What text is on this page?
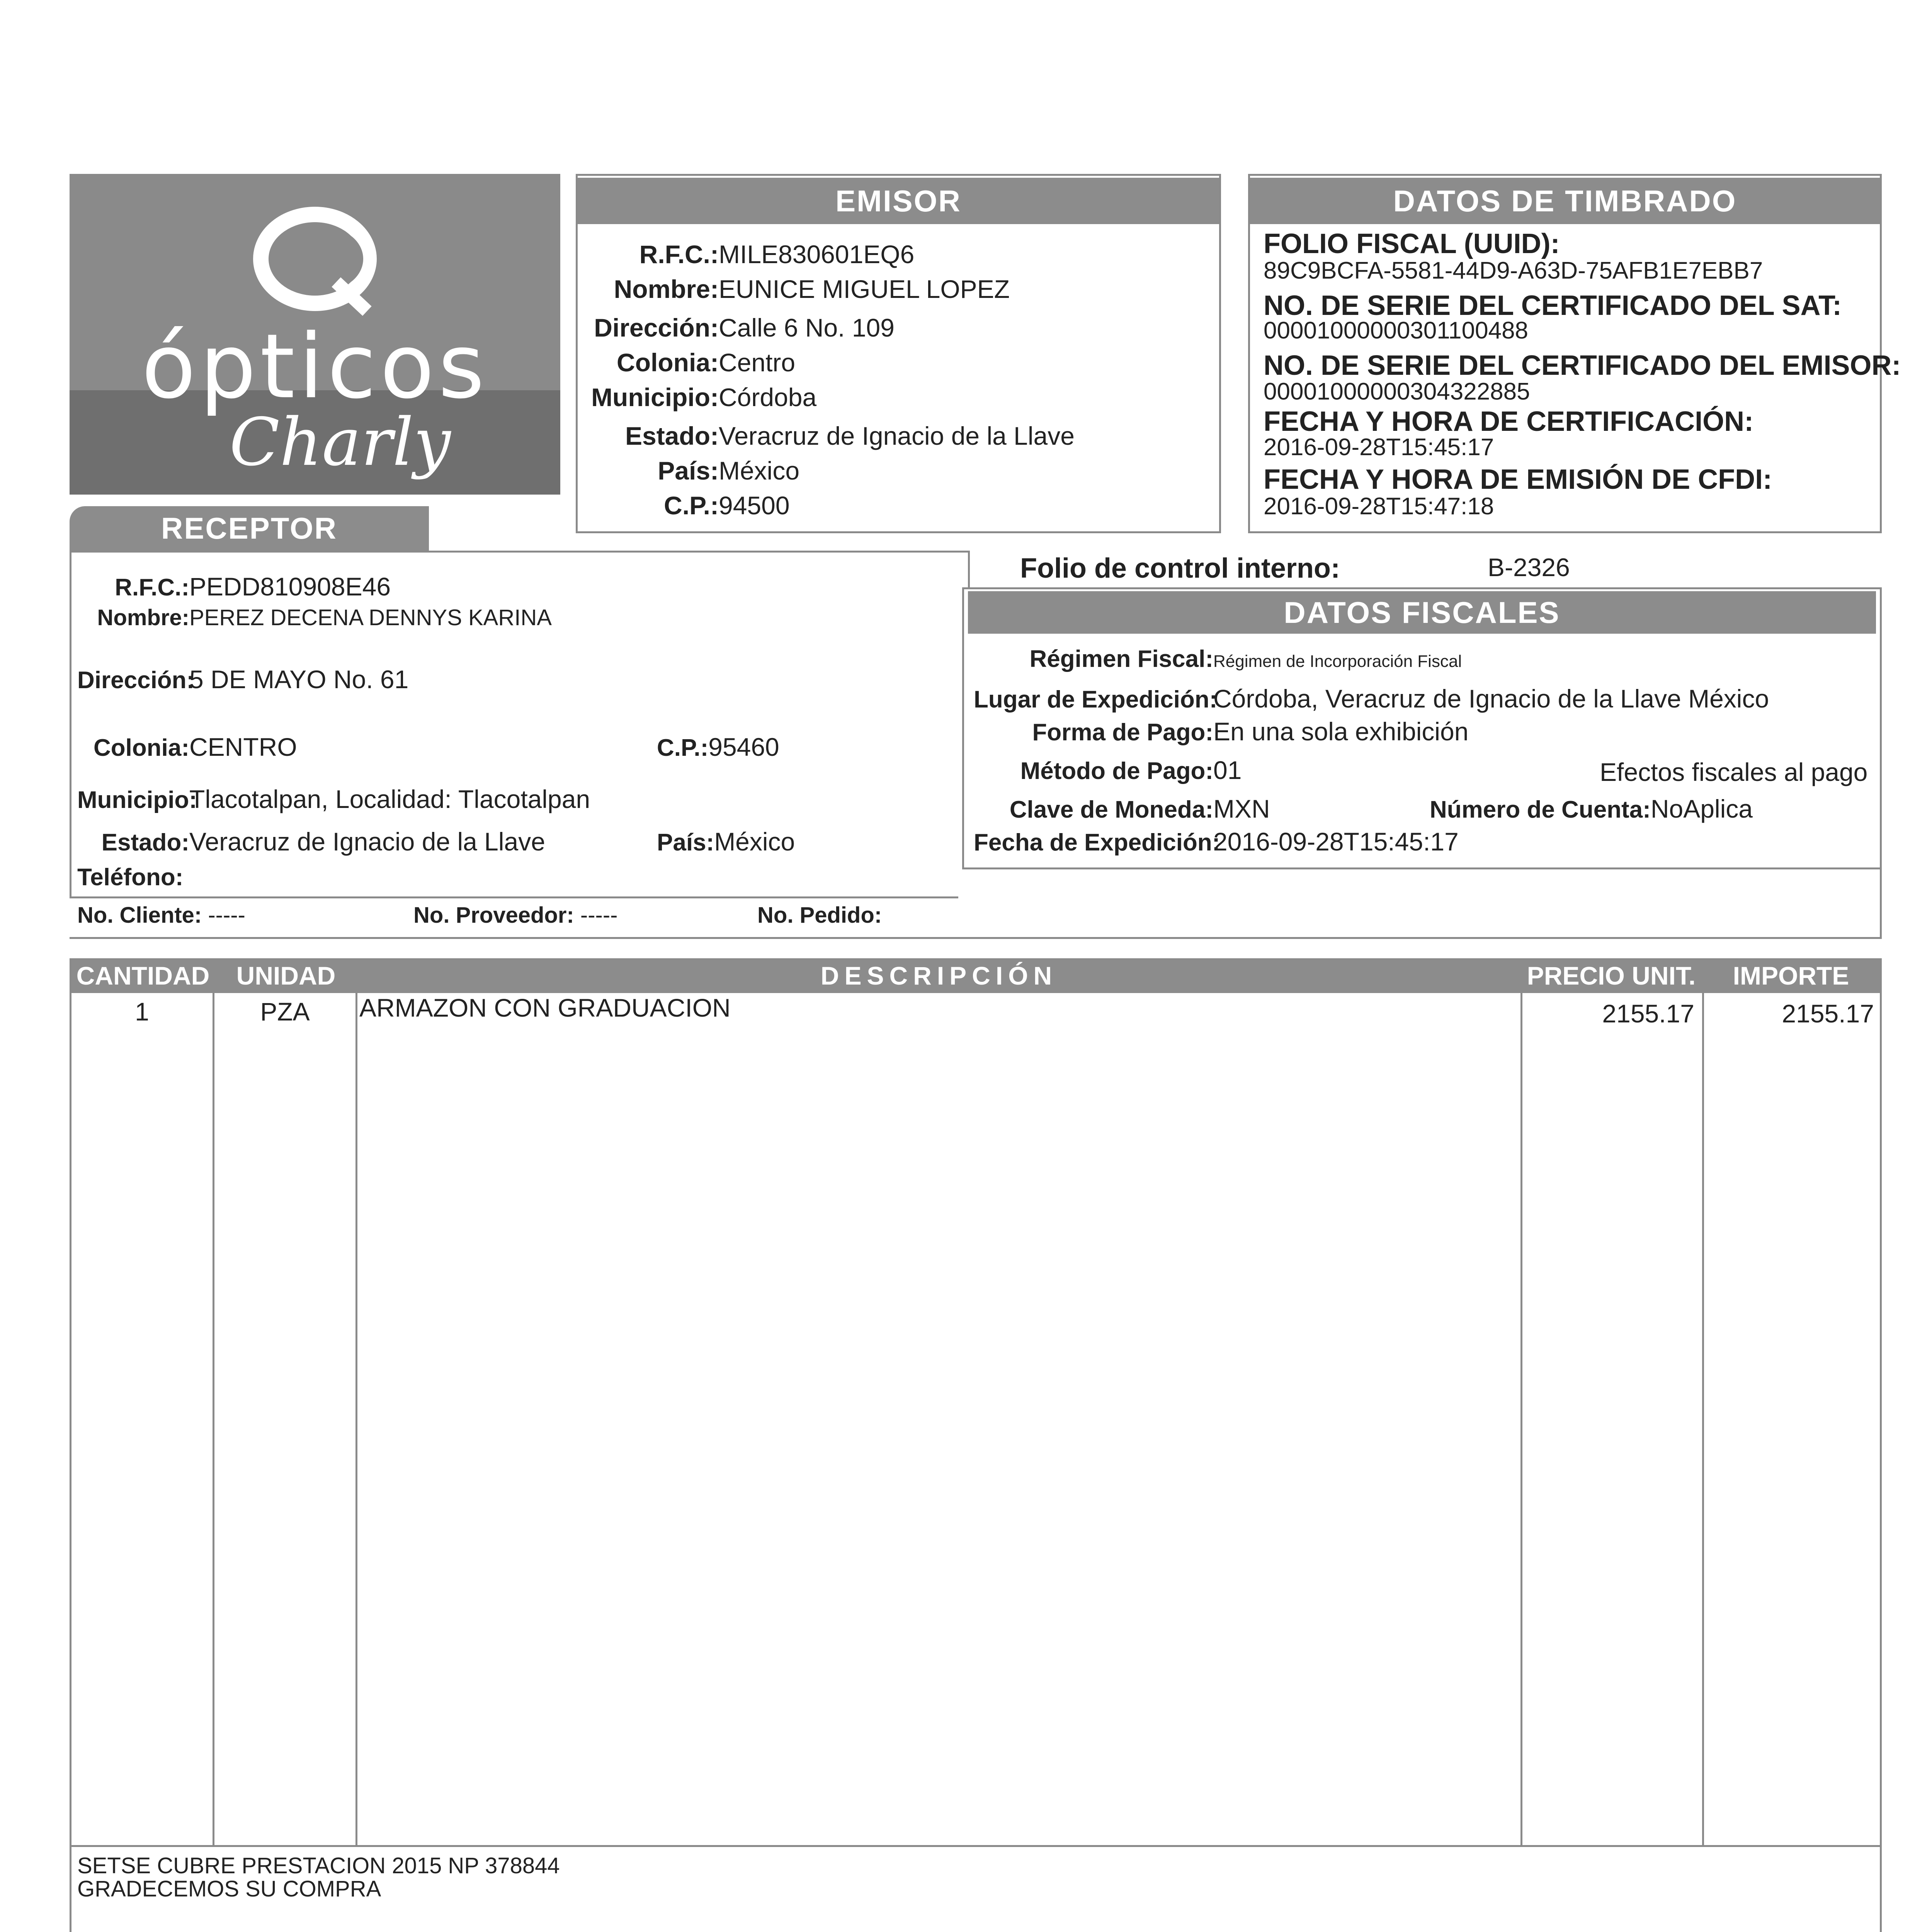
ópticos
Charly
EMISOR
R.F.C.:MILE830601EQ6
Nombre:EUNICE MIGUEL LOPEZ
Dirección:Calle 6 No. 109
Colonia:Centro
Municipio:Córdoba
Estado:Veracruz de Ignacio de la Llave
País:México
C.P.:94500
DATOS DE TIMBRADO
FOLIO FISCAL (UUID):
89C9BCFA-5581-44D9-A63D-75AFB1E7EBB7
NO. DE SERIE DEL CERTIFICADO DEL SAT:
00001000000301100488
NO. DE SERIE DEL CERTIFICADO DEL EMISOR:
00001000000304322885
FECHA Y HORA DE CERTIFICACIÓN:
2016-09-28T15:45:17
FECHA Y HORA DE EMISIÓN DE CFDI:
2016-09-28T15:47:18
RECEPTOR
R.F.C.:PEDD810908E46
Nombre:PEREZ DECENA DENNYS KARINA
Dirección:5 DE MAYO No. 61
Colonia:CENTRO	C.P.:95460
Municipio:Tlacotalpan, Localidad: Tlacotalpan
Estado:Veracruz de Ignacio de la Llave	País:México
Teléfono:
No. Cliente: -----	No. Proveedor: -----	No. Pedido:
Folio de control interno:	B-2326
DATOS FISCALES
Régimen Fiscal:Régimen de Incorporación Fiscal
Lugar de Expedición:Córdoba, Veracruz de Ignacio de la Llave México
Forma de Pago:En una sola exhibición
Método de Pago:01	Efectos fiscales al pago
Clave de Moneda:MXN	Número de Cuenta:NoAplica
Fecha de Expedición:2016-09-28T15:45:17
CANTIDAD	UNIDAD	DESCRIPCIÓN	PRECIO UNIT.	IMPORTE
1	PZA	ARMAZON CON GRADUACION	2155.17	2155.17
SETSE CUBRE PRESTACION 2015 NP 378844
GRADECEMOS SU COMPRA
